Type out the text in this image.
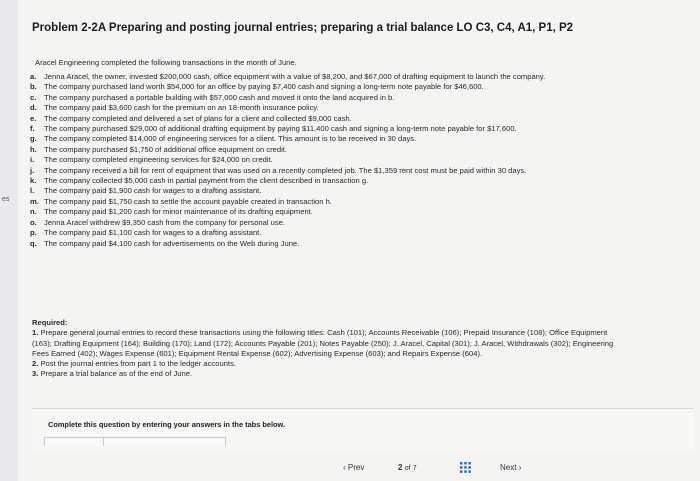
es
Problem 2-2A Preparing and posting journal entries; preparing a trial balance LO C3, C4, A1, P1, P2
Aracel Engineering completed the following transactions in the month of June.
a. Jenna Aracel, the owner, invested $200,000 cash, office equipment with a value of $8,200, and $67,000 of drafting equipment to launch the company.
b. The company purchased land worth $54,000 for an office by paying $7,400 cash and signing a long-term note payable for $46,600.
c. The company purchased a portable building with $57,000 cash and moved it onto the land acquired in b.
d. The company paid $3,600 cash for the premium on an 18-month insurance policy.
e. The company completed and delivered a set of plans for a client and collected $9,000 cash.
f. The company purchased $29,000 of additional drafting equipment by paying $11,400 cash and signing a long-term note payable for $17,600.
g. The company completed $14,000 of engineering services for a client. This amount is to be received in 30 days.
h. The company purchased $1,750 of additional office equipment on credit.
i. The company completed engineering services for $24,000 on credit.
j. The company received a bill for rent of equipment that was used on a recently completed job. The $1,359 rent cost must be paid within 30 days.
k. The company collected $5,000 cash in partial payment from the client described in transaction g.
l. The company paid $1,900 cash for wages to a drafting assistant.
m. The company paid $1,750 cash to settle the account payable created in transaction h.
n. The company paid $1,200 cash for minor maintenance of its drafting equipment.
o. Jenna Aracel withdrew $9,350 cash from the company for personal use.
p. The company paid $1,100 cash for wages to a drafting assistant.
q. The company paid $4,100 cash for advertisements on the Web during June.
Required:
1. Prepare general journal entries to record these transactions using the following titles: Cash (101); Accounts Receivable (106); Prepaid Insurance (108); Office Equipment (163); Drafting Equipment (164); Building (170); Land (172); Accounts Payable (201); Notes Payable (250); J. Aracel, Capital (301); J. Aracel, Withdrawals (302); Engineering Fees Earned (402); Wages Expense (601); Equipment Rental Expense (602); Advertising Expense (603); and Repairs Expense (604).
2. Post the journal entries from part 1 to the ledger accounts.
3. Prepare a trial balance as of the end of June.
Complete this question by entering your answers in the tabs below.
‹ Prev	2 of 7	Next ›
